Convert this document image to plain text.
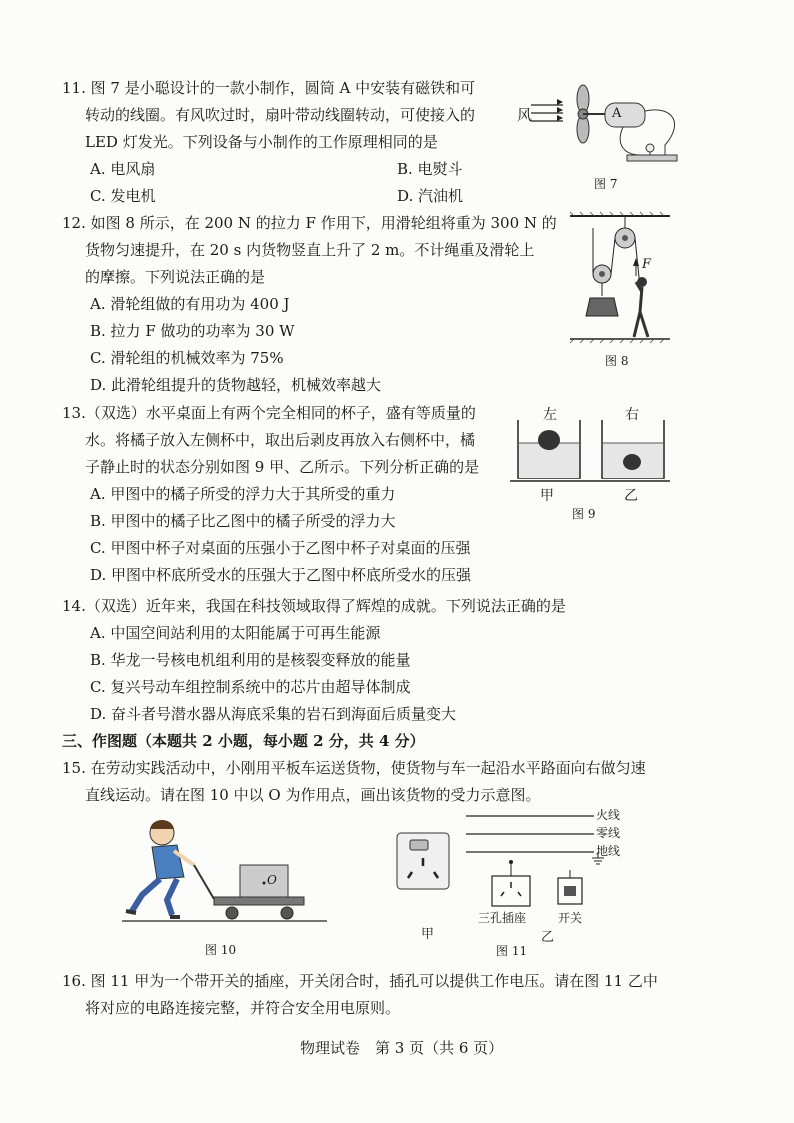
11. 图 7 是小聪设计的一款小制作，圆筒 A 中安装有磁铁和可
转动的线圈。有风吹过时，扇叶带动线圈转动，可使接入的
LED 灯发光。下列设备与小制作的工作原理相同的是
A. 电风扇	B. 电熨斗
C. 发电机	D. 汽油机
风	A
图 7
12. 如图 8 所示，在 200 N 的拉力 F 作用下，用滑轮组将重为 300 N 的
货物匀速提升，在 20 s 内货物竖直上升了 2 m。不计绳重及滑轮上
的摩擦。下列说法正确的是
A. 滑轮组做的有用功为 400 J
B. 拉力 F 做功的功率为 30 W
C. 滑轮组的机械效率为 75%
D. 此滑轮组提升的货物越轻，机械效率越大
F
图 8
13.（双选）水平桌面上有两个完全相同的杯子，盛有等质量的
水。将橘子放入左侧杯中，取出后剥皮再放入右侧杯中，橘
子静止时的状态分别如图 9 甲、乙所示。下列分析正确的是
A. 甲图中的橘子所受的浮力大于其所受的重力
B. 甲图中的橘子比乙图中的橘子所受的浮力大
C. 甲图中杯子对桌面的压强小于乙图中杯子对桌面的压强
D. 甲图中杯底所受水的压强大于乙图中杯底所受水的压强
左	右
甲	乙
图 9
14.（双选）近年来，我国在科技领域取得了辉煌的成就。下列说法正确的是
A. 中国空间站利用的太阳能属于可再生能源
B. 华龙一号核电机组利用的是核裂变释放的能量
C. 复兴号动车组控制系统中的芯片由超导体制成
D. 奋斗者号潜水器从海底采集的岩石到海面后质量变大
三、作图题（本题共 2 小题，每小题 2 分，共 4 分）
15. 在劳动实践活动中，小刚用平板车运送货物，使货物与车一起沿水平路面向右做匀速
直线运动。请在图 10 中以 O 为作用点，画出该货物的受力示意图。
O
图 10
甲
火线
零线
地线
三孔插座	开关
乙
图 11
16. 图 11 甲为一个带开关的插座，开关闭合时，插孔可以提供工作电压。请在图 11 乙中
将对应的电路连接完整，并符合安全用电原则。
物理试卷　第 3 页（共 6 页）
